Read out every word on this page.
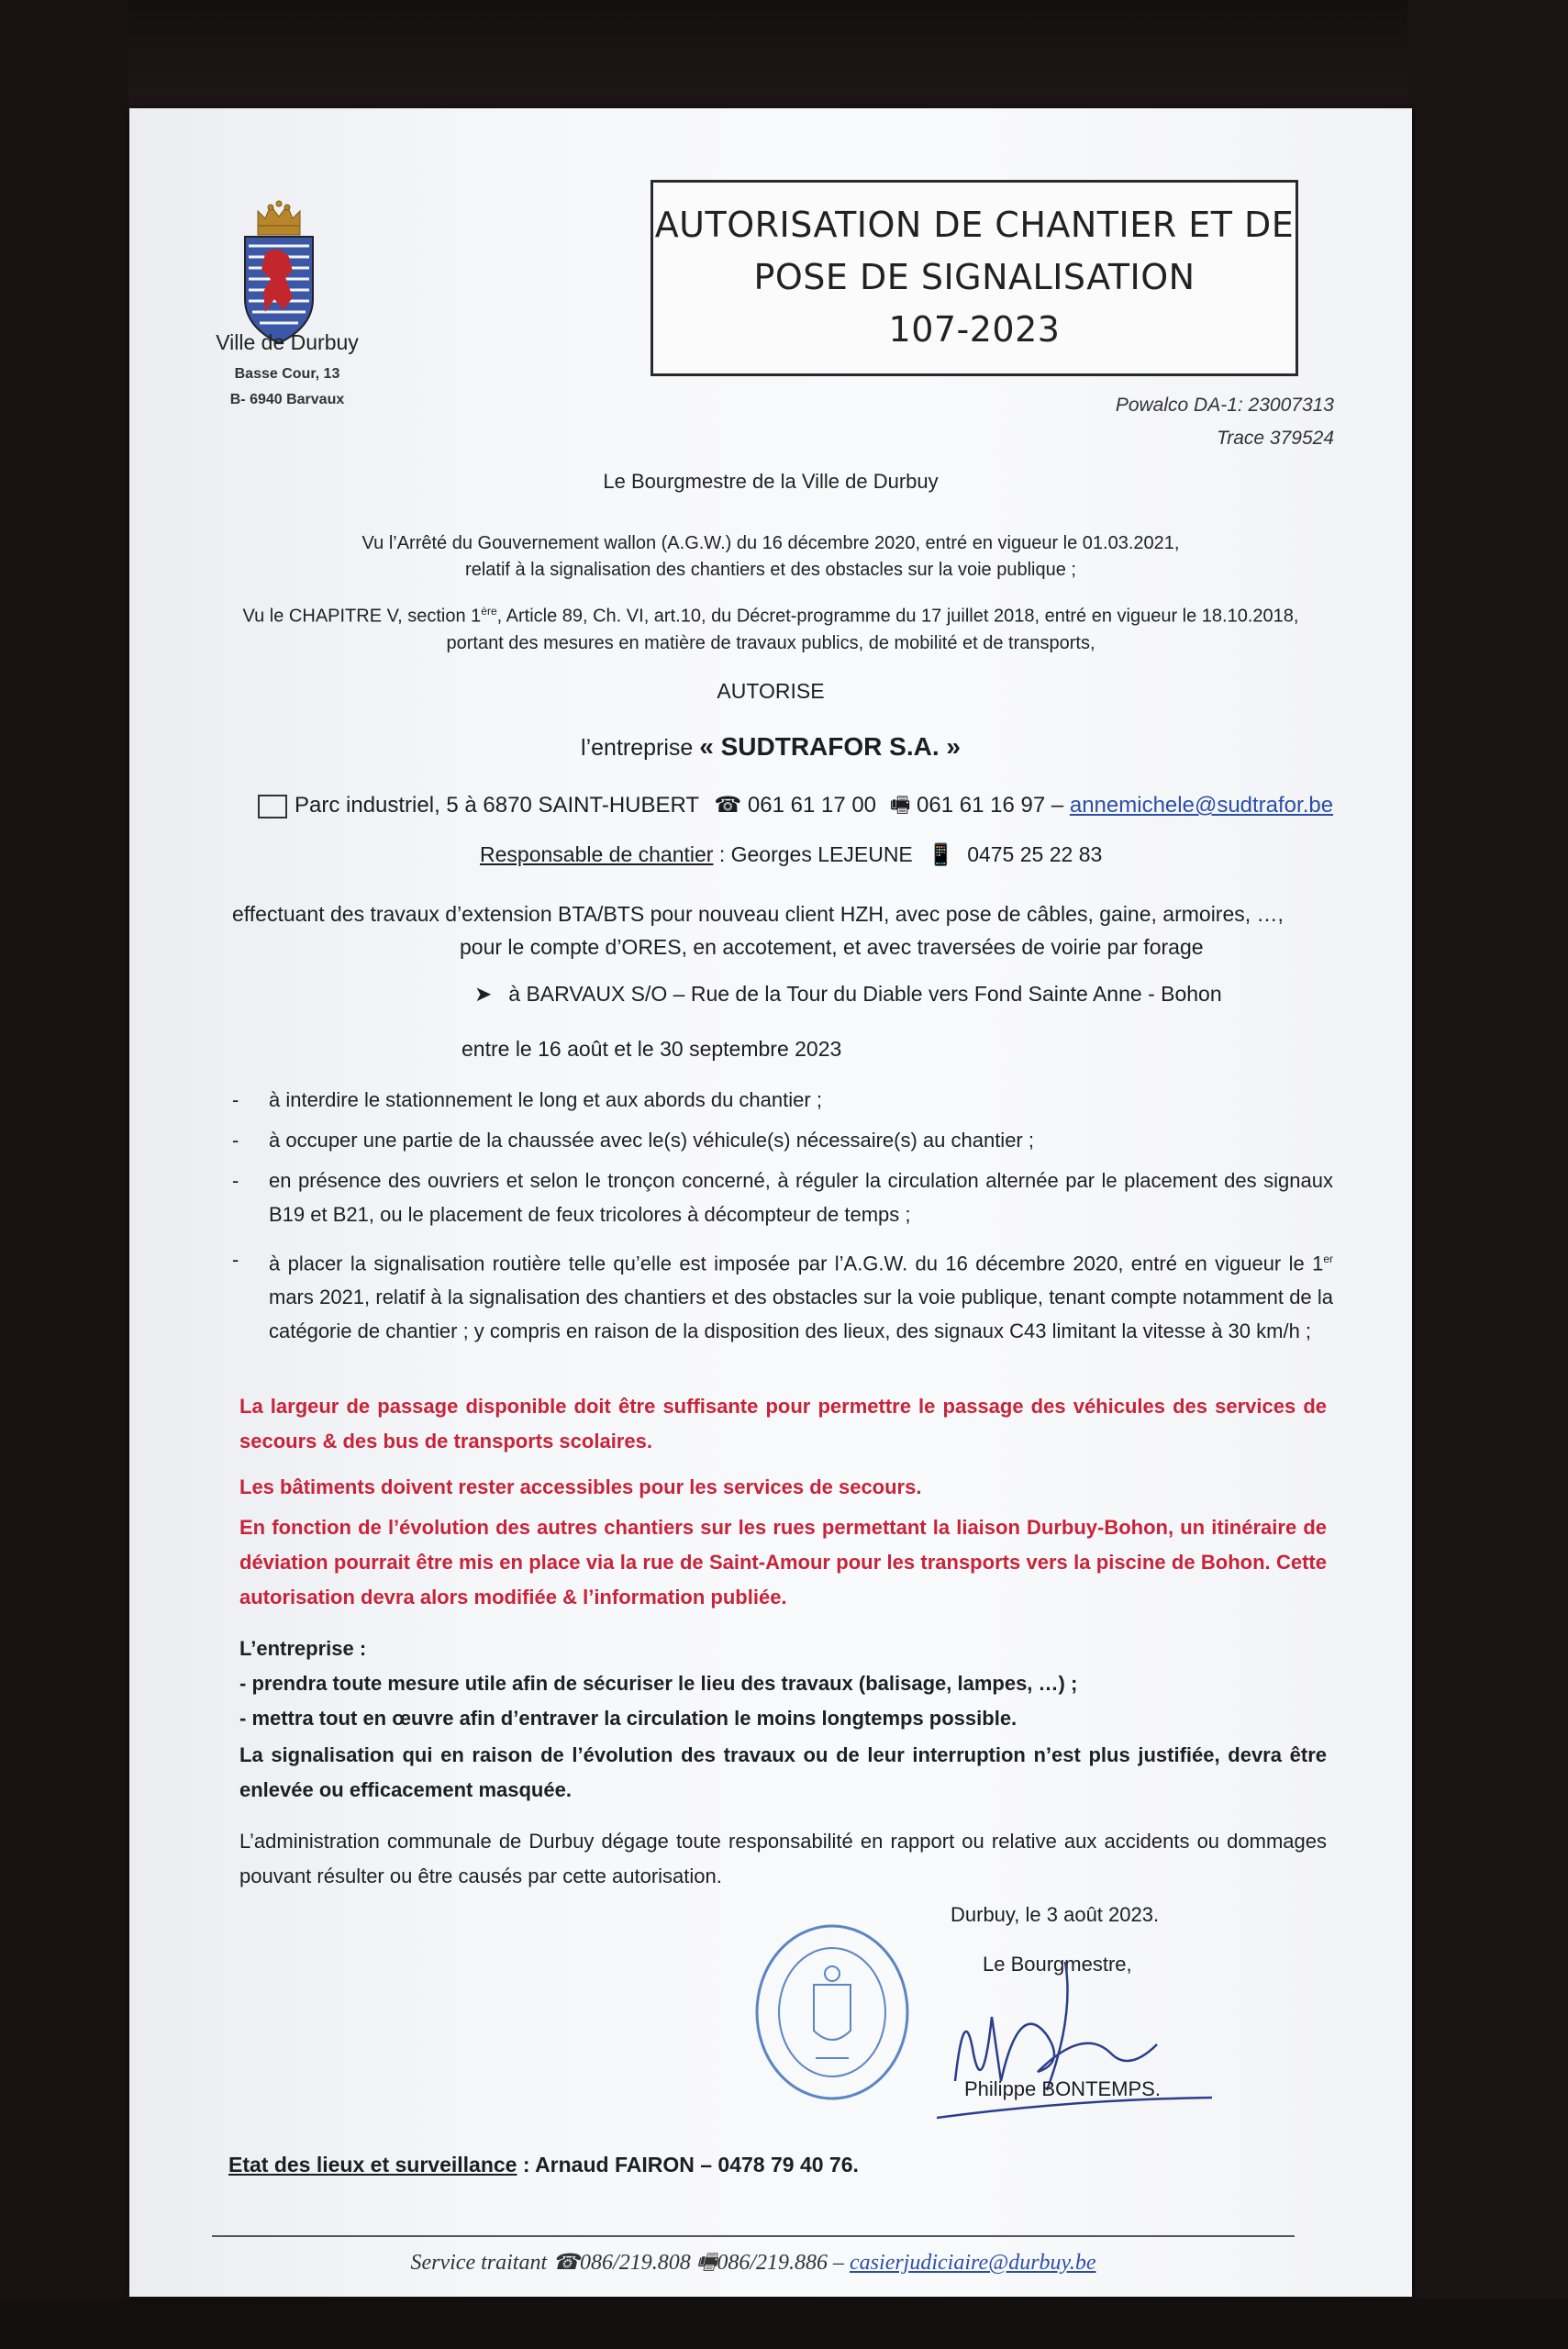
Ville de Durbuy
Basse Cour, 13
B- 6940 Barvaux
AUTORISATION DE CHANTIER ET DE
POSE DE SIGNALISATION
107-2023
Powalco DA-1: 23007313
Trace 379524
Le Bourgmestre de la Ville de Durbuy
Vu l’Arrêté du Gouvernement wallon (A.G.W.) du 16 décembre 2020, entré en vigueur le 01.03.2021,
relatif à la signalisation des chantiers et des obstacles sur la voie publique ;
Vu le CHAPITRE V, section 1ère, Article 89, Ch. VI, art.10, du Décret-programme du 17 juillet 2018, entré en vigueur le 18.10.2018,
portant des mesures en matière de travaux publics, de mobilité et de transports,
AUTORISE
l’entreprise « SUDTRAFOR S.A. »
Parc industriel, 5 à 6870 SAINT-HUBERT ☎ 061 61 17 00 🖷 061 61 16 97 – annemichele@sudtrafor.be
Responsable de chantier : Georges LEJEUNE 📱 0475 25 22 83
effectuant des travaux d’extension BTA/BTS pour nouveau client HZH, avec pose de câbles, gaine, armoires, …,
pour le compte d’ORES, en accotement, et avec traversées de voirie par forage
➤ à BARVAUX S/O – Rue de la Tour du Diable vers Fond Sainte Anne - Bohon
entre le 16 août et le 30 septembre 2023
- à interdire le stationnement le long et aux abords du chantier ;
- à occuper une partie de la chaussée avec le(s) véhicule(s) nécessaire(s) au chantier ;
- en présence des ouvriers et selon le tronçon concerné, à réguler la circulation alternée par le placement des signaux B19 et B21, ou le placement de feux tricolores à décompteur de temps ;
- à placer la signalisation routière telle qu’elle est imposée par l’A.G.W. du 16 décembre 2020, entré en vigueur le 1er mars 2021, relatif à la signalisation des chantiers et des obstacles sur la voie publique, tenant compte notamment de la catégorie de chantier ; y compris en raison de la disposition des lieux, des signaux C43 limitant la vitesse à 30 km/h ;
La largeur de passage disponible doit être suffisante pour permettre le passage des véhicules des services de secours & des bus de transports scolaires.
Les bâtiments doivent rester accessibles pour les services de secours.
En fonction de l’évolution des autres chantiers sur les rues permettant la liaison Durbuy-Bohon, un itinéraire de déviation pourrait être mis en place via la rue de Saint-Amour pour les transports vers la piscine de Bohon. Cette autorisation devra alors modifiée & l’information publiée.
L’entreprise :
- prendra toute mesure utile afin de sécuriser le lieu des travaux (balisage, lampes, …) ;
- mettra tout en œuvre afin d’entraver la circulation le moins longtemps possible.
La signalisation qui en raison de l’évolution des travaux ou de leur interruption n’est plus justifiée, devra être enlevée ou efficacement masquée.
L’administration communale de Durbuy dégage toute responsabilité en rapport ou relative aux accidents ou dommages pouvant résulter ou être causés par cette autorisation.
Durbuy, le 3 août 2023.
Le Bourgmestre,
Philippe BONTEMPS.
Etat des lieux et surveillance : Arnaud FAIRON – 0478 79 40 76.
Service traitant ☎086/219.808 🖷086/219.886 – casierjudiciaire@durbuy.be
